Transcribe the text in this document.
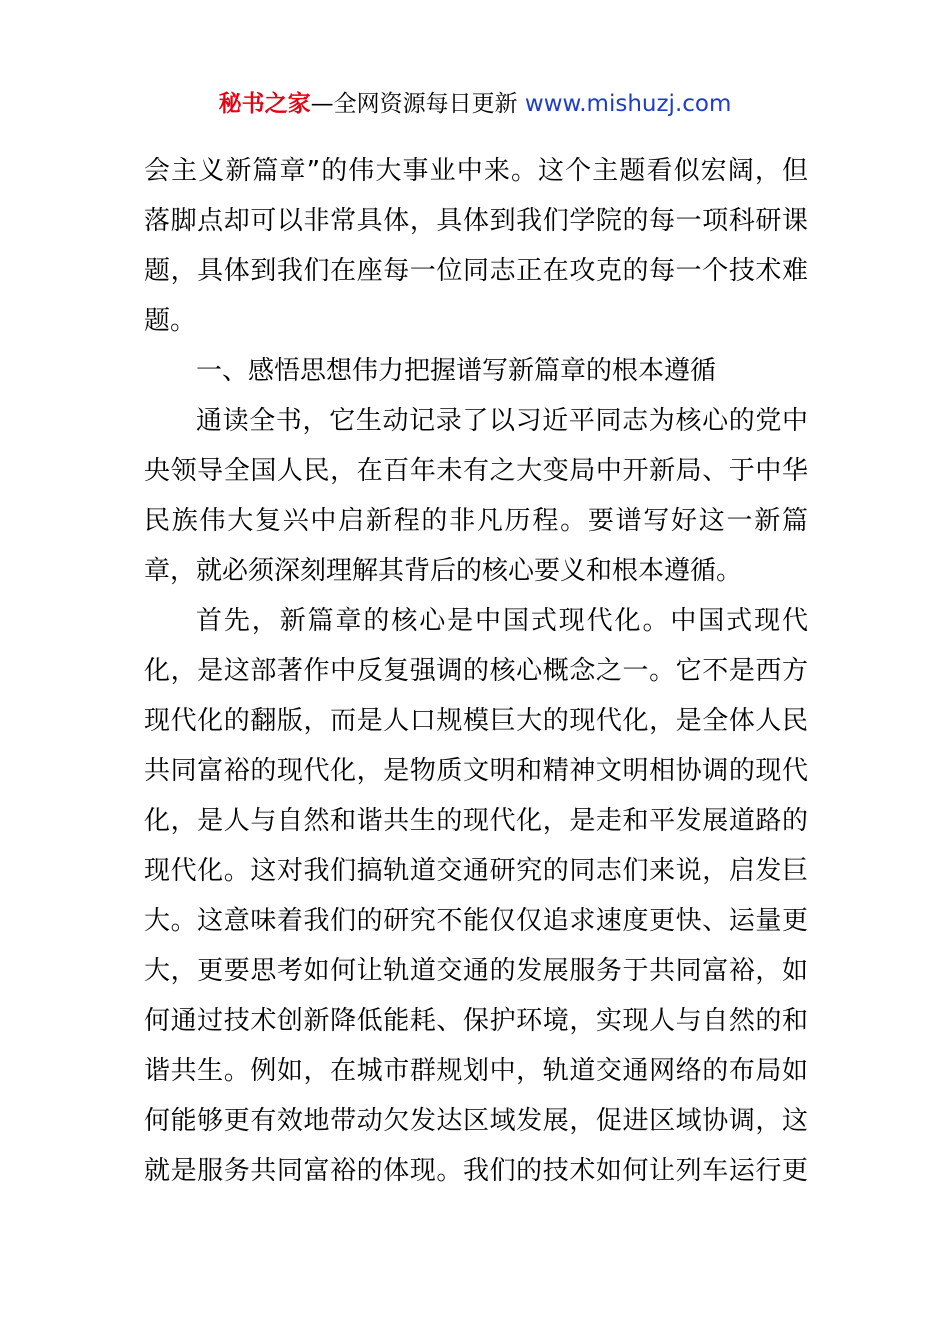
秘书之家—全网资源每日更新 www.mishuzj.com

会主义新篇章”的伟大事业中来。这个主题看似宏阔，但

落脚点却可以非常具体，具体到我们学院的每一项科研课

题，具体到我们在座每一位同志正在攻克的每一个技术难

题。

一、感悟思想伟力把握谱写新篇章的根本遵循

通读全书，它生动记录了以习近平同志为核心的党中

央领导全国人民，在百年未有之大变局中开新局、于中华

民族伟大复兴中启新程的非凡历程。要谱写好这一新篇

章，就必须深刻理解其背后的核心要义和根本遵循。

首先，新篇章的核心是中国式现代化。中国式现代

化，是这部著作中反复强调的核心概念之一。它不是西方

现代化的翻版，而是人口规模巨大的现代化，是全体人民

共同富裕的现代化，是物质文明和精神文明相协调的现代

化，是人与自然和谐共生的现代化，是走和平发展道路的

现代化。这对我们搞轨道交通研究的同志们来说，启发巨

大。这意味着我们的研究不能仅仅追求速度更快、运量更

大，更要思考如何让轨道交通的发展服务于共同富裕，如

何通过技术创新降低能耗、保护环境，实现人与自然的和

谐共生。例如，在城市群规划中，轨道交通网络的布局如

何能够更有效地带动欠发达区域发展，促进区域协调，这

就是服务共同富裕的体现。我们的技术如何让列车运行更
